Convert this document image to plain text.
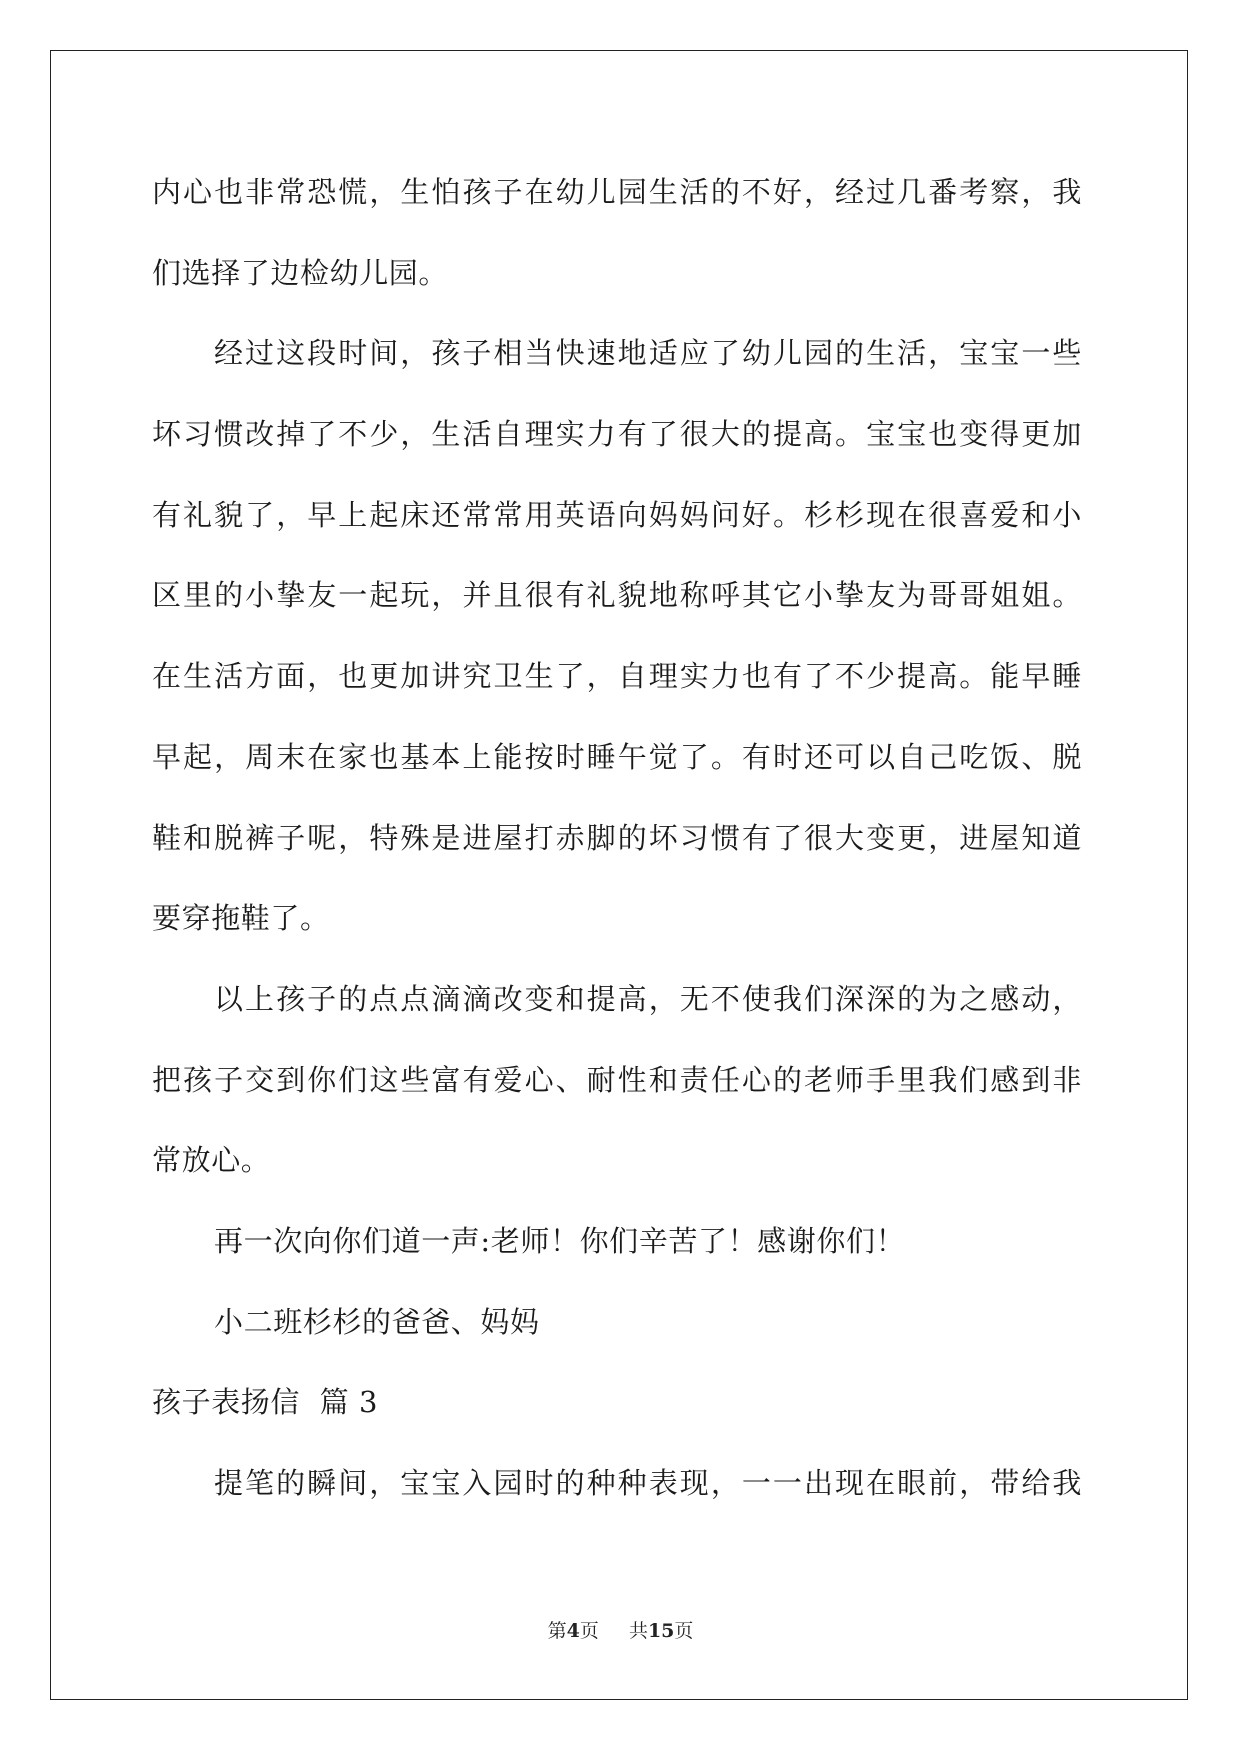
内心也非常恐慌，生怕孩子在幼儿园生活的不好，经过几番考察，我
们选择了边检幼儿园。
经过这段时间，孩子相当快速地适应了幼儿园的生活，宝宝一些
坏习惯改掉了不少，生活自理实力有了很大的提高。宝宝也变得更加
有礼貌了，早上起床还常常用英语向妈妈问好。杉杉现在很喜爱和小
区里的小挚友一起玩，并且很有礼貌地称呼其它小挚友为哥哥姐姐。
在生活方面，也更加讲究卫生了，自理实力也有了不少提高。能早睡
早起，周末在家也基本上能按时睡午觉了。有时还可以自己吃饭、脱
鞋和脱裤子呢，特殊是进屋打赤脚的坏习惯有了很大变更，进屋知道
要穿拖鞋了。
以上孩子的点点滴滴改变和提高，无不使我们深深的为之感动，
把孩子交到你们这些富有爱心、耐性和责任心的老师手里我们感到非
常放心。
再一次向你们道一声:老师！你们辛苦了！感谢你们！
小二班杉杉的爸爸、妈妈
孩子表扬信  篇 3
提笔的瞬间，宝宝入园时的种种表现，一一出现在眼前，带给我
第4页 共15页
